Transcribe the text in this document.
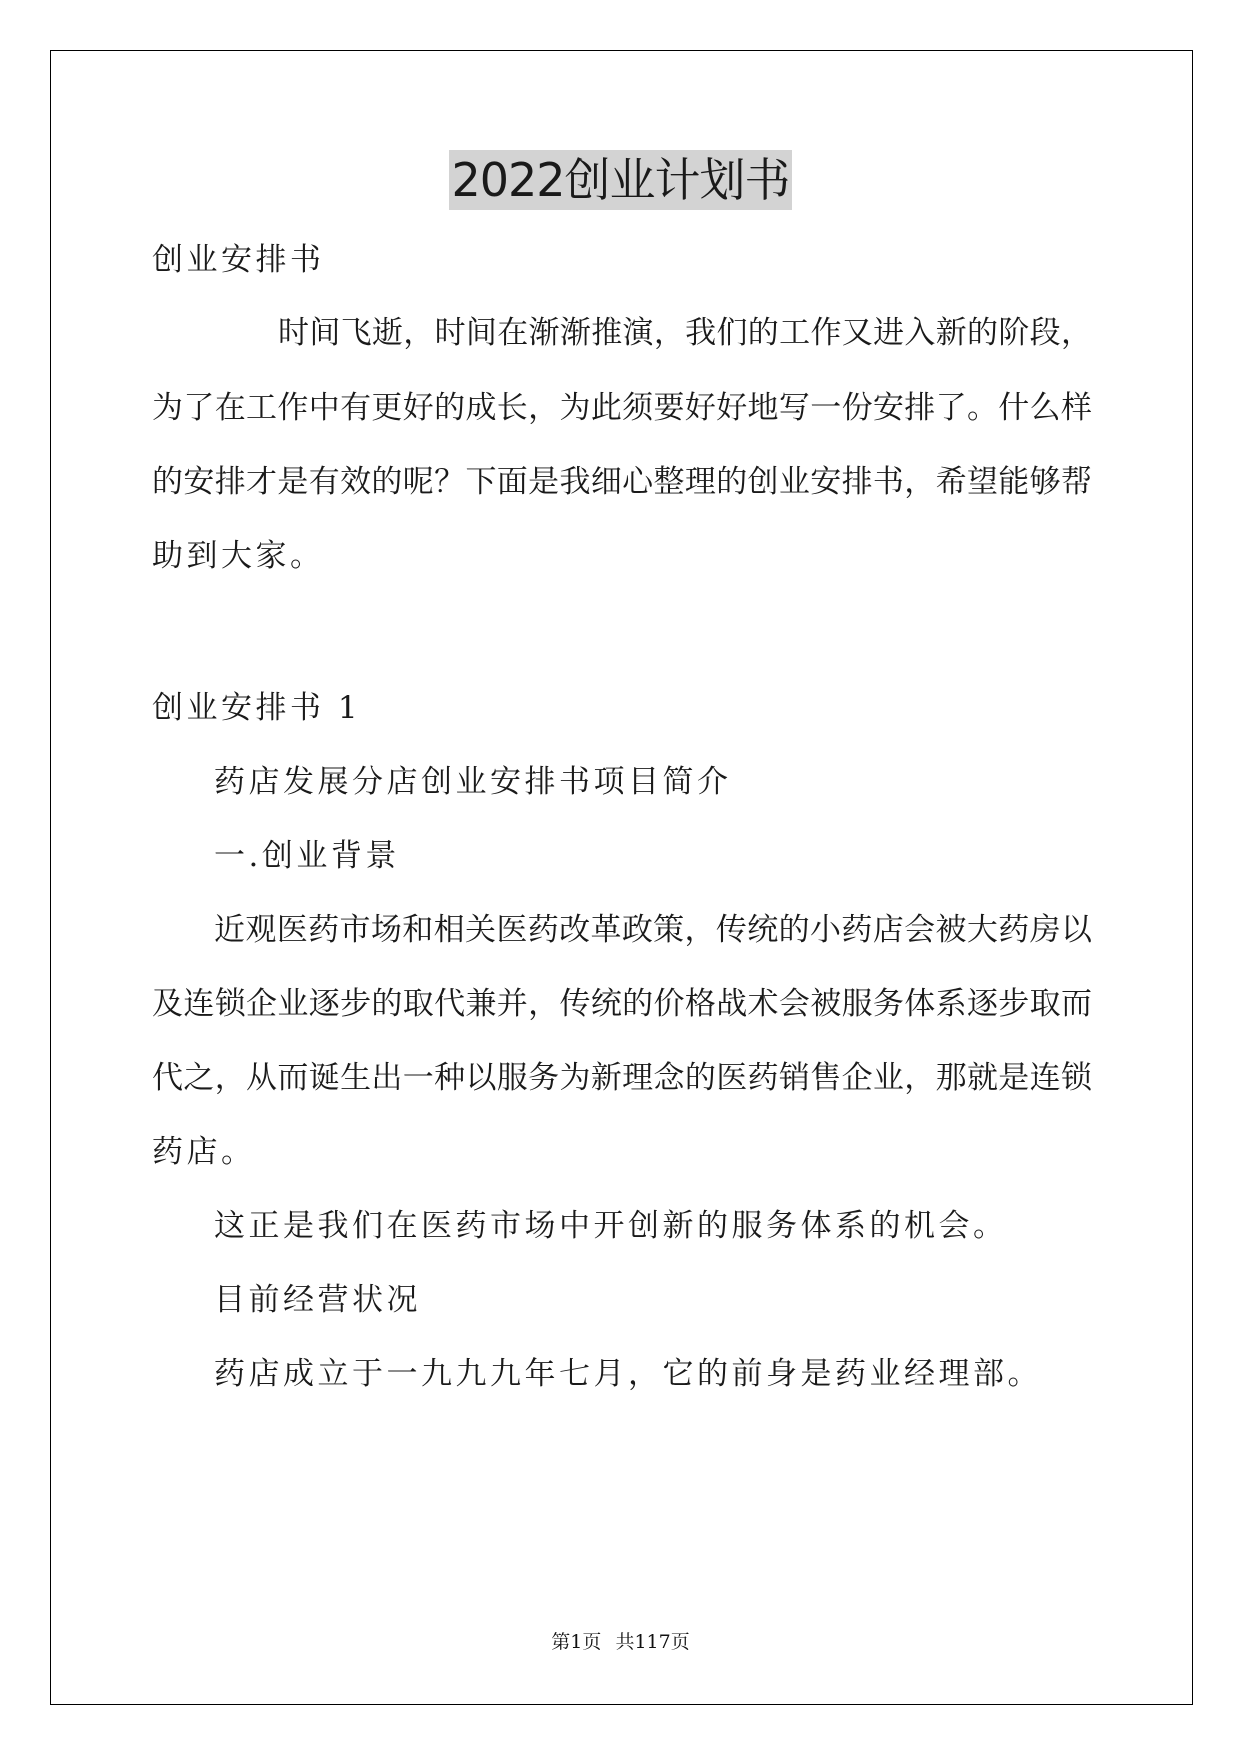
2022创业计划书
创业安排书
时间飞逝，时间在渐渐推演，我们的工作又进入新的阶段，
为了在工作中有更好的成长，为此须要好好地写一份安排了。什么样
的安排才是有效的呢？下面是我细心整理的创业安排书，希望能够帮
助到大家。
创业安排书 1
药店发展分店创业安排书项目简介
一.创业背景
近观医药市场和相关医药改革政策，传统的小药店会被大药房以
及连锁企业逐步的取代兼并，传统的价格战术会被服务体系逐步取而
代之，从而诞生出一种以服务为新理念的医药销售企业，那就是连锁
药店。
这正是我们在医药市场中开创新的服务体系的机会。
目前经营状况
药店成立于一九九九年七月，它的前身是药业经理部。
第1页 共117页
